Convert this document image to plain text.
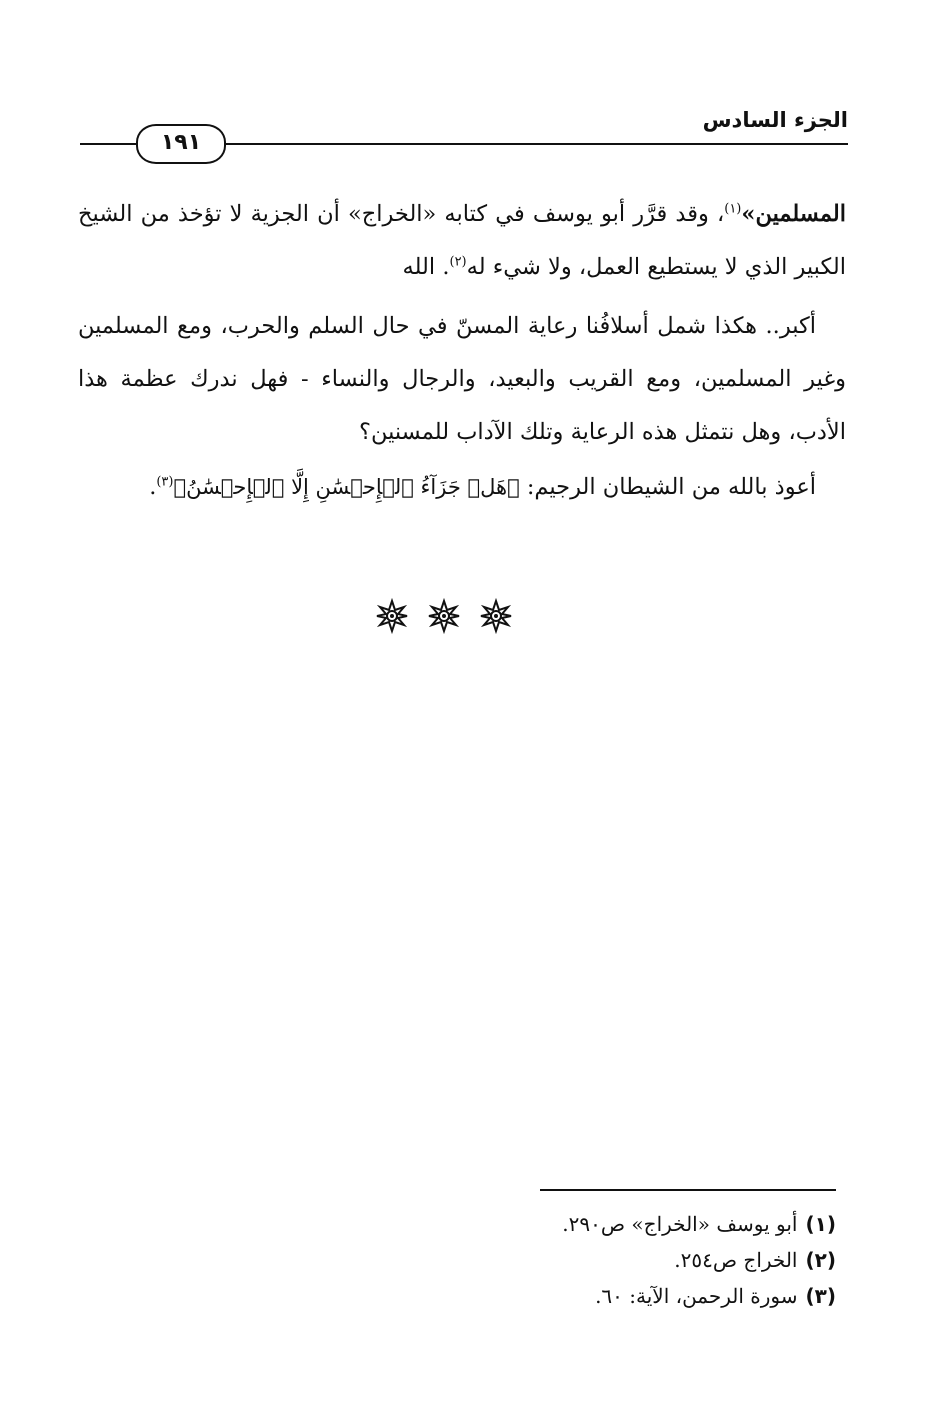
الجزء السادس
١٩١

المسلمين»$^{(١)}$، وقد قرَّر أبو يوسف في كتابه «الخراج» أن الجزية لا تؤخذ من الشيخ الكبير الذي لا يستطيع العمل، ولا شيء له$^{(٢)}$. الله

أكبر.. هكذا شمل أسلافُنا رعاية المسنّ في حال السلم والحرب، ومع المسلمين وغير المسلمين، ومع القريب والبعيد، والرجال والنساء - فهل ندرك عظمة هذا الأدب، وهل نتمثل هذه الرعاية وتلك الآداب للمسنين؟

أعوذ بالله من الشيطان الرجيم: ﴿هَلۡ جَزَآءُ ٱلۡإِحۡسَٰنِ إِلَّا ٱلۡإِحۡسَٰنُ﴾$^{(٣)}$.

(١)أبو يوسف «الخراج» ص٢٩٠.
(٢)الخراج ص٢٥٤.
(٣)سورة الرحمن، الآية: ٦٠.
